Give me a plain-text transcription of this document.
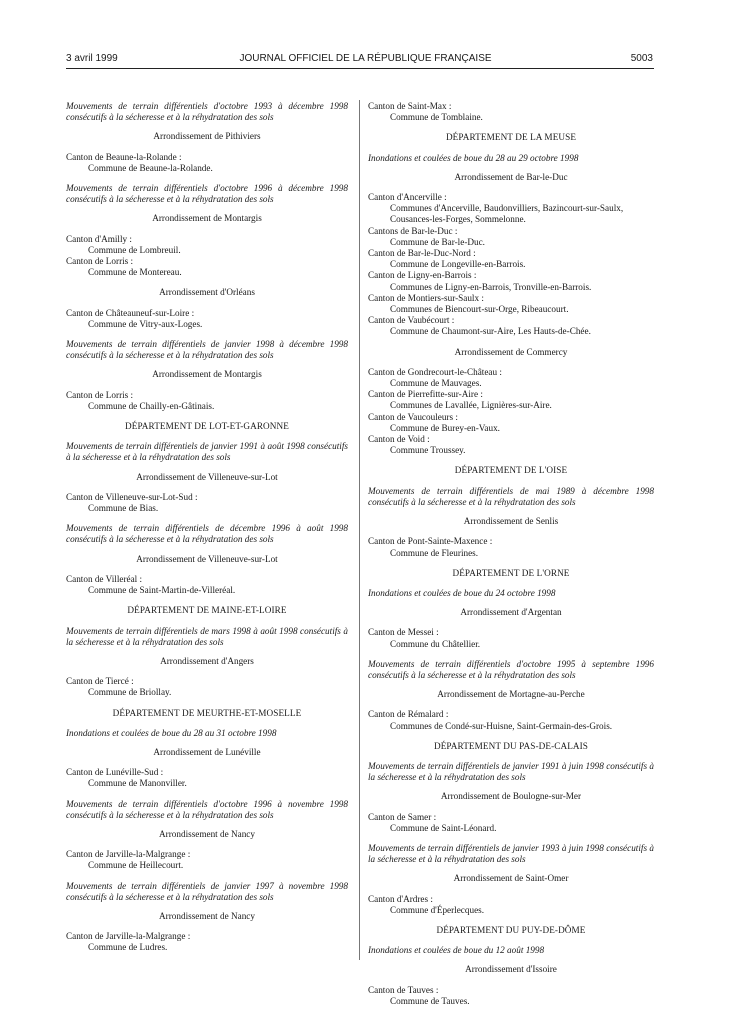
3 avril 1999	JOURNAL OFFICIEL DE LA RÉPUBLIQUE FRANÇAISE	5003
Mouvements de terrain différentiels d'octobre 1993 à décembre 1998 consécutifs à la sécheresse et à la réhydratation des sols
Arrondissement de Pithiviers
Canton de Beaune-la-Rolande :
Commune de Beaune-la-Rolande.
Mouvements de terrain différentiels d'octobre 1996 à décembre 1998 consécutifs à la sécheresse et à la réhydratation des sols
Arrondissement de Montargis
Canton d'Amilly :
Commune de Lombreuil.
Canton de Lorris :
Commune de Montereau.
Arrondissement d'Orléans
Canton de Châteauneuf-sur-Loire :
Commune de Vitry-aux-Loges.
Mouvements de terrain différentiels de janvier 1998 à décembre 1998 consécutifs à la sécheresse et à la réhydratation des sols
Arrondissement de Montargis
Canton de Lorris :
Commune de Chailly-en-Gâtinais.
DÉPARTEMENT DE LOT-ET-GARONNE
Mouvements de terrain différentiels de janvier 1991 à août 1998 consécutifs à la sécheresse et à la réhydratation des sols
Arrondissement de Villeneuve-sur-Lot
Canton de Villeneuve-sur-Lot-Sud :
Commune de Bias.
Mouvements de terrain différentiels de décembre 1996 à août 1998 consécutifs à la sécheresse et à la réhydratation des sols
Arrondissement de Villeneuve-sur-Lot
Canton de Villeréal :
Commune de Saint-Martin-de-Villeréal.
DÉPARTEMENT DE MAINE-ET-LOIRE
Mouvements de terrain différentiels de mars 1998 à août 1998 consécutifs à la sécheresse et à la réhydratation des sols
Arrondissement d'Angers
Canton de Tiercé :
Commune de Briollay.
DÉPARTEMENT DE MEURTHE-ET-MOSELLE
Inondations et coulées de boue du 28 au 31 octobre 1998
Arrondissement de Lunéville
Canton de Lunéville-Sud :
Commune de Manonviller.
Mouvements de terrain différentiels d'octobre 1996 à novembre 1998 consécutifs à la sécheresse et à la réhydratation des sols
Arrondissement de Nancy
Canton de Jarville-la-Malgrange :
Commune de Heillecourt.
Mouvements de terrain différentiels de janvier 1997 à novembre 1998 consécutifs à la sécheresse et à la réhydratation des sols
Arrondissement de Nancy
Canton de Jarville-la-Malgrange :
Commune de Ludres.
Canton de Saint-Max :
Commune de Tomblaine.
DÉPARTEMENT DE LA MEUSE
Inondations et coulées de boue du 28 au 29 octobre 1998
Arrondissement de Bar-le-Duc
Canton d'Ancerville :
Communes d'Ancerville, Baudonvilliers, Bazincourt-sur-Saulx, Cousances-les-Forges, Sommelonne.
Cantons de Bar-le-Duc :
Commune de Bar-le-Duc.
Canton de Bar-le-Duc-Nord :
Commune de Longeville-en-Barrois.
Canton de Ligny-en-Barrois :
Communes de Ligny-en-Barrois, Tronville-en-Barrois.
Canton de Montiers-sur-Saulx :
Communes de Biencourt-sur-Orge, Ribeaucourt.
Canton de Vaubécourt :
Commune de Chaumont-sur-Aire, Les Hauts-de-Chée.
Arrondissement de Commercy
Canton de Gondrecourt-le-Château :
Commune de Mauvages.
Canton de Pierrefitte-sur-Aire :
Communes de Lavallée, Lignières-sur-Aire.
Canton de Vaucouleurs :
Commune de Burey-en-Vaux.
Canton de Void :
Commune Troussey.
DÉPARTEMENT DE L'OISE
Mouvements de terrain différentiels de mai 1989 à décembre 1998 consécutifs à la sécheresse et à la réhydratation des sols
Arrondissement de Senlis
Canton de Pont-Sainte-Maxence :
Commune de Fleurines.
DÉPARTEMENT DE L'ORNE
Inondations et coulées de boue du 24 octobre 1998
Arrondissement d'Argentan
Canton de Messei :
Commune du Châtellier.
Mouvements de terrain différentiels d'octobre 1995 à septembre 1996 consécutifs à la sécheresse et à la réhydratation des sols
Arrondissement de Mortagne-au-Perche
Canton de Rémalard :
Communes de Condé-sur-Huisne, Saint-Germain-des-Grois.
DÉPARTEMENT DU PAS-DE-CALAIS
Mouvements de terrain différentiels de janvier 1991 à juin 1998 consécutifs à la sécheresse et à la réhydratation des sols
Arrondissement de Boulogne-sur-Mer
Canton de Samer :
Commune de Saint-Léonard.
Mouvements de terrain différentiels de janvier 1993 à juin 1998 consécutifs à la sécheresse et à la réhydratation des sols
Arrondissement de Saint-Omer
Canton d'Ardres :
Commune d'Éperlecques.
DÉPARTEMENT DU PUY-DE-DÔME
Inondations et coulées de boue du 12 août 1998
Arrondissement d'Issoire
Canton de Tauves :
Commune de Tauves.
